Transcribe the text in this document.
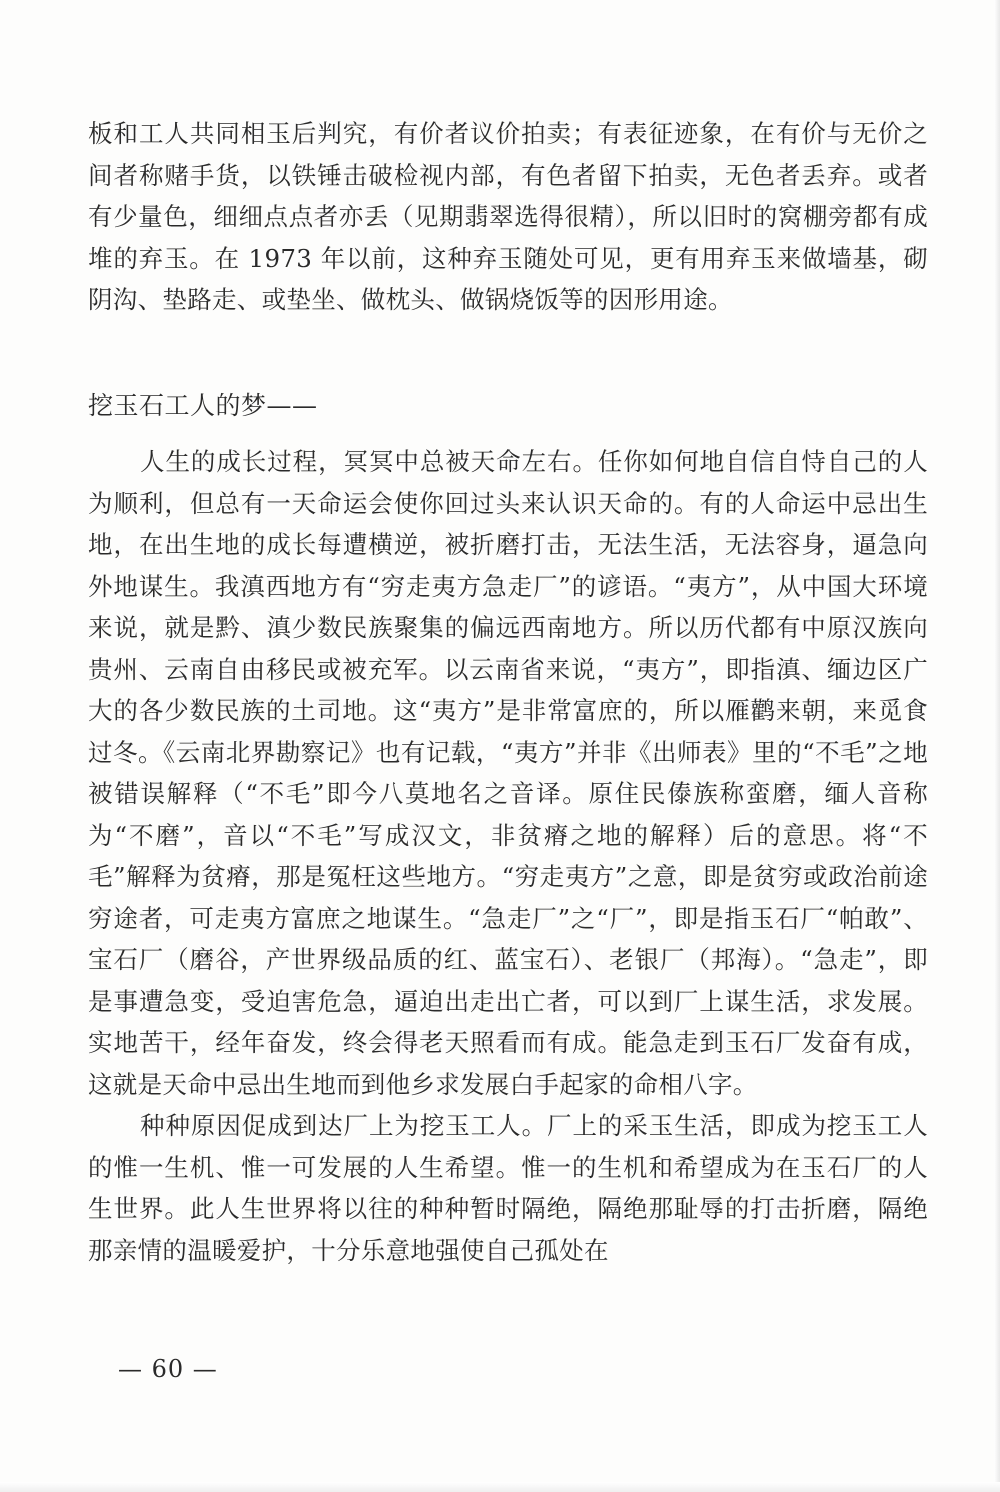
板和工人共同相玉后判究，有价者议价拍卖；有表征迹象，在有价与无价之间者称赌手货，以铁锤击破检视内部，有色者留下拍卖，无色者丢弃。或者有少量色，细细点点者亦丢（见期翡翠选得很精），所以旧时的窝棚旁都有成堆的弃玉。在 1973 年以前，这种弃玉随处可见，更有用弃玉来做墙基，砌阴沟、垫路走、或垫坐、做枕头、做锅烧饭等的因形用途。

挖玉石工人的梦——

人生的成长过程，冥冥中总被天命左右。任你如何地自信自恃自己的人为顺利，但总有一天命运会使你回过头来认识天命的。有的人命运中忌出生地，在出生地的成长每遭横逆，被折磨打击，无法生活，无法容身，逼急向外地谋生。我滇西地方有“穷走夷方急走厂”的谚语。“夷方”，从中国大环境来说，就是黔、滇少数民族聚集的偏远西南地方。所以历代都有中原汉族向贵州、云南自由移民或被充军。以云南省来说，“夷方”，即指滇、缅边区广大的各少数民族的土司地。这“夷方”是非常富庶的，所以雁鹳来朝，来觅食过冬。《云南北界勘察记》也有记载，“夷方”并非《出师表》里的“不毛”之地被错误解释（“不毛”即今八莫地名之音译。原住民傣族称蛮磨，缅人音称为“不磨”，音以“不毛”写成汉文，非贫瘠之地的解释）后的意思。将“不毛”解释为贫瘠，那是冤枉这些地方。“穷走夷方”之意，即是贫穷或政治前途穷途者，可走夷方富庶之地谋生。“急走厂”之“厂”，即是指玉石厂“帕敢”、宝石厂（磨谷，产世界级品质的红、蓝宝石）、老银厂（邦海）。“急走”，即是事遭急变，受迫害危急，逼迫出走出亡者，可以到厂上谋生活，求发展。实地苦干，经年奋发，终会得老天照看而有成。能急走到玉石厂发奋有成，这就是天命中忌出生地而到他乡求发展白手起家的命相八字。

种种原因促成到达厂上为挖玉工人。厂上的采玉生活，即成为挖玉工人的惟一生机、惟一可发展的人生希望。惟一的生机和希望成为在玉石厂的人生世界。此人生世界将以往的种种暂时隔绝，隔绝那耻辱的打击折磨，隔绝那亲情的温暖爱护，十分乐意地强使自己孤处在

— 60 —
